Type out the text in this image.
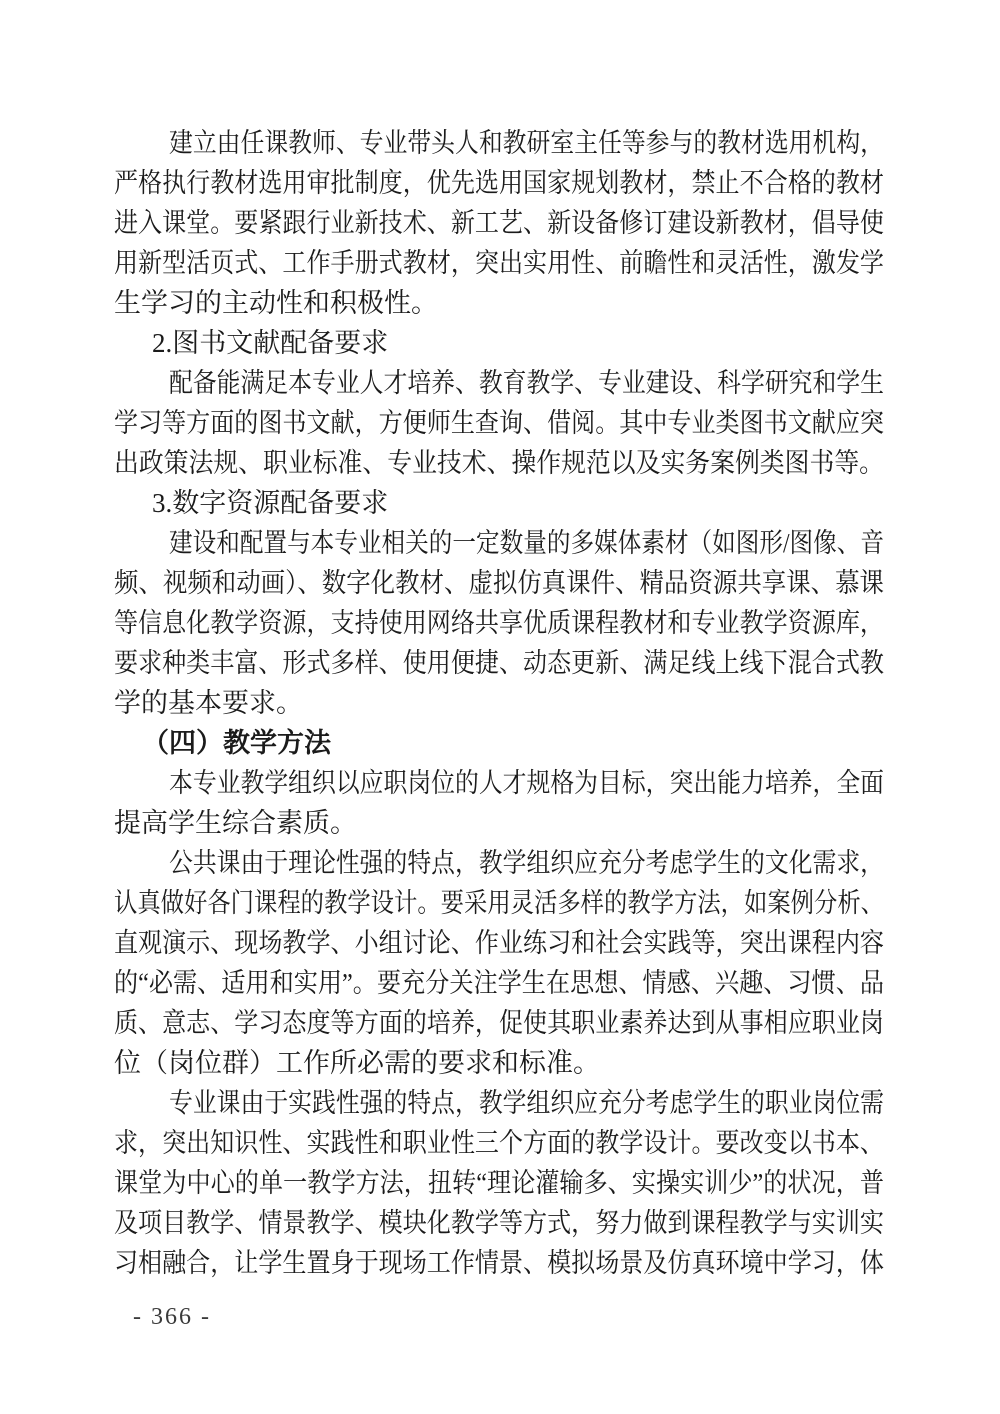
建立由任课教师、专业带头人和教研室主任等参与的教材选用机构，
严格执行教材选用审批制度，优先选用国家规划教材，禁止不合格的教材
进入课堂。要紧跟行业新技术、新工艺、新设备修订建设新教材，倡导使
用新型活页式、工作手册式教材，突出实用性、前瞻性和灵活性，激发学
生学习的主动性和积极性。
2.图书文献配备要求
配备能满足本专业人才培养、教育教学、专业建设、科学研究和学生
学习等方面的图书文献，方便师生查询、借阅。其中专业类图书文献应突
出政策法规、职业标准、专业技术、操作规范以及实务案例类图书等。
3.数字资源配备要求
建设和配置与本专业相关的一定数量的多媒体素材（如图形/图像、音
频、视频和动画）、数字化教材、虚拟仿真课件、精品资源共享课、慕课
等信息化教学资源，支持使用网络共享优质课程教材和专业教学资源库，
要求种类丰富、形式多样、使用便捷、动态更新、满足线上线下混合式教
学的基本要求。
（四）教学方法
本专业教学组织以应职岗位的人才规格为目标，突出能力培养，全面
提高学生综合素质。
公共课由于理论性强的特点，教学组织应充分考虑学生的文化需求，
认真做好各门课程的教学设计。要采用灵活多样的教学方法，如案例分析、
直观演示、现场教学、小组讨论、作业练习和社会实践等，突出课程内容
的“必需、适用和实用”。要充分关注学生在思想、情感、兴趣、习惯、品
质、意志、学习态度等方面的培养，促使其职业素养达到从事相应职业岗
位（岗位群）工作所必需的要求和标准。
专业课由于实践性强的特点，教学组织应充分考虑学生的职业岗位需
求，突出知识性、实践性和职业性三个方面的教学设计。要改变以书本、
课堂为中心的单一教学方法，扭转“理论灌输多、实操实训少”的状况，普
及项目教学、情景教学、模块化教学等方式，努力做到课程教学与实训实
习相融合，让学生置身于现场工作情景、模拟场景及仿真环境中学习，体
- 366 -
